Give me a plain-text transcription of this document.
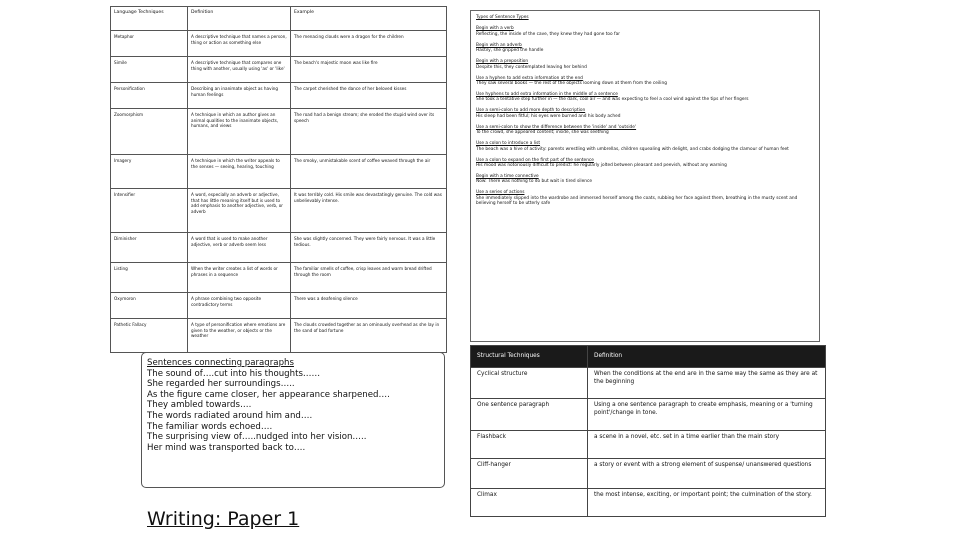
Language Techniques	Definition	Example
Metaphor	A descriptive technique that names a person, thing or action as something else	The menacing clouds were a dragon for the children
Simile	A descriptive technique that compares one thing with another, usually using 'as' or 'like'	The beach's majestic moon was like fire
Personification	Describing an inanimate object as having human feelings	The carpet cherished the dance of her beloved kisses
Zoomorphism	A technique in which an author gives an animal qualities to the inanimate objects, humans, and views	The road had a benign stream; she eroded the stupid wind over its speech
Imagery	A technique in which the writer appeals to the senses — seeing, hearing, touching	The smoky, unmistakable scent of coffee weaved through the air
Intensifier	A word, especially an adverb or adjective, that has little meaning itself but is used to add emphasis to another adjective, verb, or adverb	It was terribly cold. His smile was devastatingly genuine. The cold was unbelievably intense.
Diminisher	A word that is used to make another adjective, verb or adverb seem less	She was slightly concerned. They were fairly nervous. It was a little tedious.
Listing	When the writer creates a list of words or phrases in a sequence	The familiar smells of coffee, crisp leaves and warm bread drifted through the room
Oxymoron	A phrase combining two opposite contradictory terms	There was a deafening silence
Pathetic Fallacy	A type of personification where emotions are given to the weather, or objects or the weather	The clouds crowded together as an ominously overhead as she lay in the sand of bad fortune
Types of Sentence Types
Begin with a verb
Reflecting, the inside of the cave, they knew they had gone too far
Begin with an adverb
Hastily, she gripped the handle
Begin with a preposition
Despite this, they contemplated leaving her behind
Use a hyphen to add extra information at the end
They saw several books — the rest of the objects looming down at them from the ceiling
Use hyphens to add extra information in the middle of a sentence
She took a tentative step further in — the dark, cool air — and was expecting to feel a cool wind against the tips of her fingers
Use a semi-colon to add more depth to description
His sleep had been fitful; his eyes were burned and his body ached
Use a semi-colon to show the difference between the 'inside' and 'outside'
To the crowd, she appeared content; inside, she was seething
Use a colon to introduce a list
The beach was a hive of activity: parents wrestling with umbrellas, children squealing with delight, and crabs dodging the clamour of human feet
Use a colon to expand on the first part of the sentence
His mood was notoriously difficult to predict: he regularly jolted between pleasant and peevish, without any warning
Begin with a time connective
Now: There was nothing to do but wait in tired silence
Use a series of actions
She immediately slipped into the wardrobe and immersed herself among the coats, rubbing her face against them, breathing in the musty scent and believing herself to be utterly safe
Structural Techniques	Definition
Cyclical structure	When the conditions at the end are in the same way the same as they are at the beginning
One sentence paragraph	Using a one sentence paragraph to create emphasis, meaning or a 'turning point'/change in tone.
Flashback	a scene in a novel, etc. set in a time earlier than the main story
Cliff-hanger	a story or event with a strong element of suspense/ unanswered questions
Climax	the most intense, exciting, or important point; the culmination of the story.
Sentences connecting paragraphs
The sound of….cut into his thoughts……
She regarded her surroundings…..
As the figure came closer, her appearance sharpened….
They ambled towards….
The words radiated around him and….
The familiar words echoed….
The surprising view of…..nudged into her vision…..
Her mind was transported back to….
Writing: Paper 1
